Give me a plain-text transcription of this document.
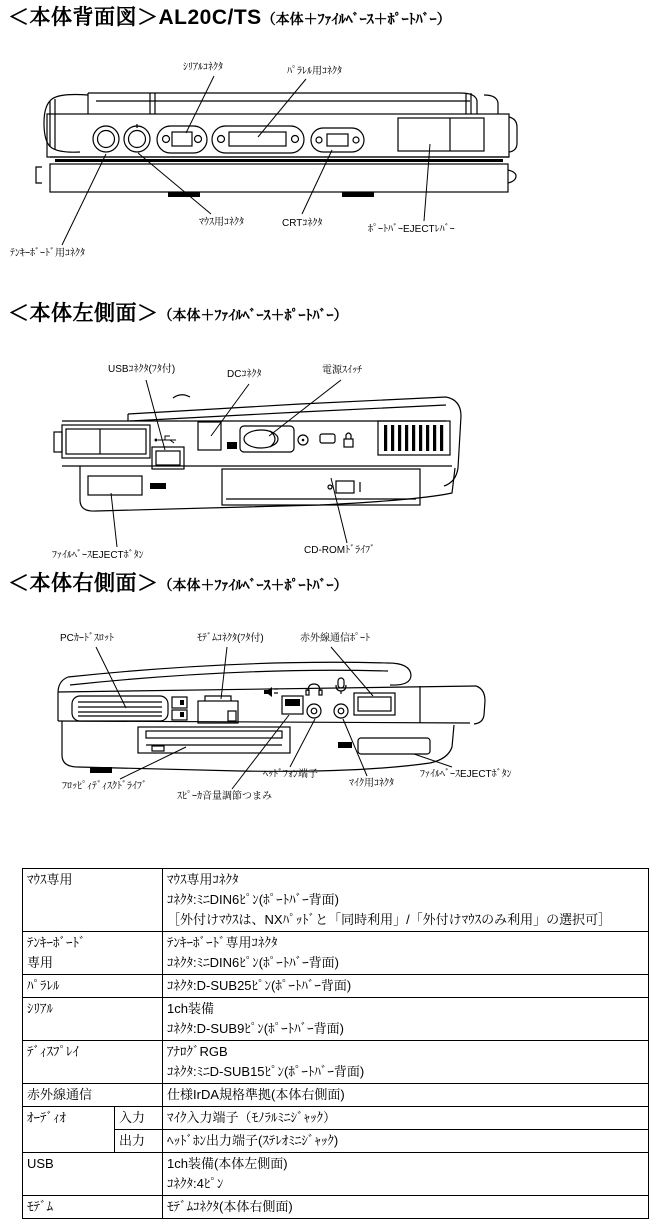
＜本体背面図＞AL20C/TS（本体＋ﾌｧｲﾙﾍﾞｰｽ＋ﾎﾟｰﾄﾊﾞｰ）
ｼﾘｱﾙｺﾈｸﾀ	ﾊﾟﾗﾚﾙ用ｺﾈｸﾀ
ﾏｳｽ用ｺﾈｸﾀ	CRTｺﾈｸﾀ
ﾎﾟｰﾄﾊﾞｰEJECTﾚﾊﾞｰ
ﾃﾝｷｰﾎﾞｰﾄﾞ用ｺﾈｸﾀ
＜本体左側面＞（本体＋ﾌｧｲﾙﾍﾞｰｽ＋ﾎﾟｰﾄﾊﾞｰ）
USBｺﾈｸﾀ(ﾌﾀ付)	DCｺﾈｸﾀ	電源ｽｲｯﾁ
ﾌｧｲﾙﾍﾞｰｽEJECTﾎﾞﾀﾝ	CD-ROMﾄﾞﾗｲﾌﾞ
＜本体右側面＞（本体＋ﾌｧｲﾙﾍﾞｰｽ＋ﾎﾟｰﾄﾊﾞｰ）
PCｶｰﾄﾞｽﾛｯﾄ	ﾓﾃﾞﾑｺﾈｸﾀ(ﾌﾀ付)	赤外線通信ﾎﾟｰﾄ
ﾌﾛｯﾋﾟｨﾃﾞｨｽｸﾄﾞﾗｲﾌﾞ
ｽﾋﾟｰｶ音量調節つまみ
ﾍｯﾄﾞﾌｫﾝ端子
ﾏｲｸ用ｺﾈｸﾀ
ﾌｧｲﾙﾍﾞｰｽEJECTﾎﾞﾀﾝ
ﾏｳｽ専用		ﾏｳｽ専用ｺﾈｸﾀ
ｺﾈｸﾀ:ﾐﾆDIN6ﾋﾟﾝ(ﾎﾟｰﾄﾊﾞｰ背面)
［外付けﾏｳｽは、NXﾊﾟｯﾄﾞと「同時利用」/「外付けﾏｳｽのみ利用」の選択可］

ﾃﾝｷｰﾎﾞｰﾄﾞ
専用

ﾃﾝｷｰﾎﾞｰﾄﾞ専用ｺﾈｸﾀ
ｺﾈｸﾀ:ﾐﾆDIN6ﾋﾟﾝ(ﾎﾟｰﾄﾊﾞｰ背面)

ﾊﾟﾗﾚﾙ		ｺﾈｸﾀ:D-SUB25ﾋﾟﾝ(ﾎﾟｰﾄﾊﾞｰ背面)

ｼﾘｱﾙ		1ch装備
ｺﾈｸﾀ:D-SUB9ﾋﾟﾝ(ﾎﾟｰﾄﾊﾞｰ背面)

ﾃﾞｨｽﾌﾟﾚｲ		ｱﾅﾛｸﾞRGB
ｺﾈｸﾀ:ﾐﾆD-SUB15ﾋﾟﾝ(ﾎﾟｰﾄﾊﾞｰ背面)

赤外線通信		仕様IrDA規格準拠(本体右側面)

ｵｰﾃﾞｨｵ	入力	ﾏｲｸ入力端子（ﾓﾉﾗﾙﾐﾆｼﾞｬｯｸ）

	出力	ﾍｯﾄﾞﾎﾝ出力端子(ｽﾃﾚｵﾐﾆｼﾞｬｯｸ)

USB		1ch装備(本体左側面)
ｺﾈｸﾀ:4ﾋﾟﾝ

ﾓﾃﾞﾑ		ﾓﾃﾞﾑｺﾈｸﾀ(本体右側面)
